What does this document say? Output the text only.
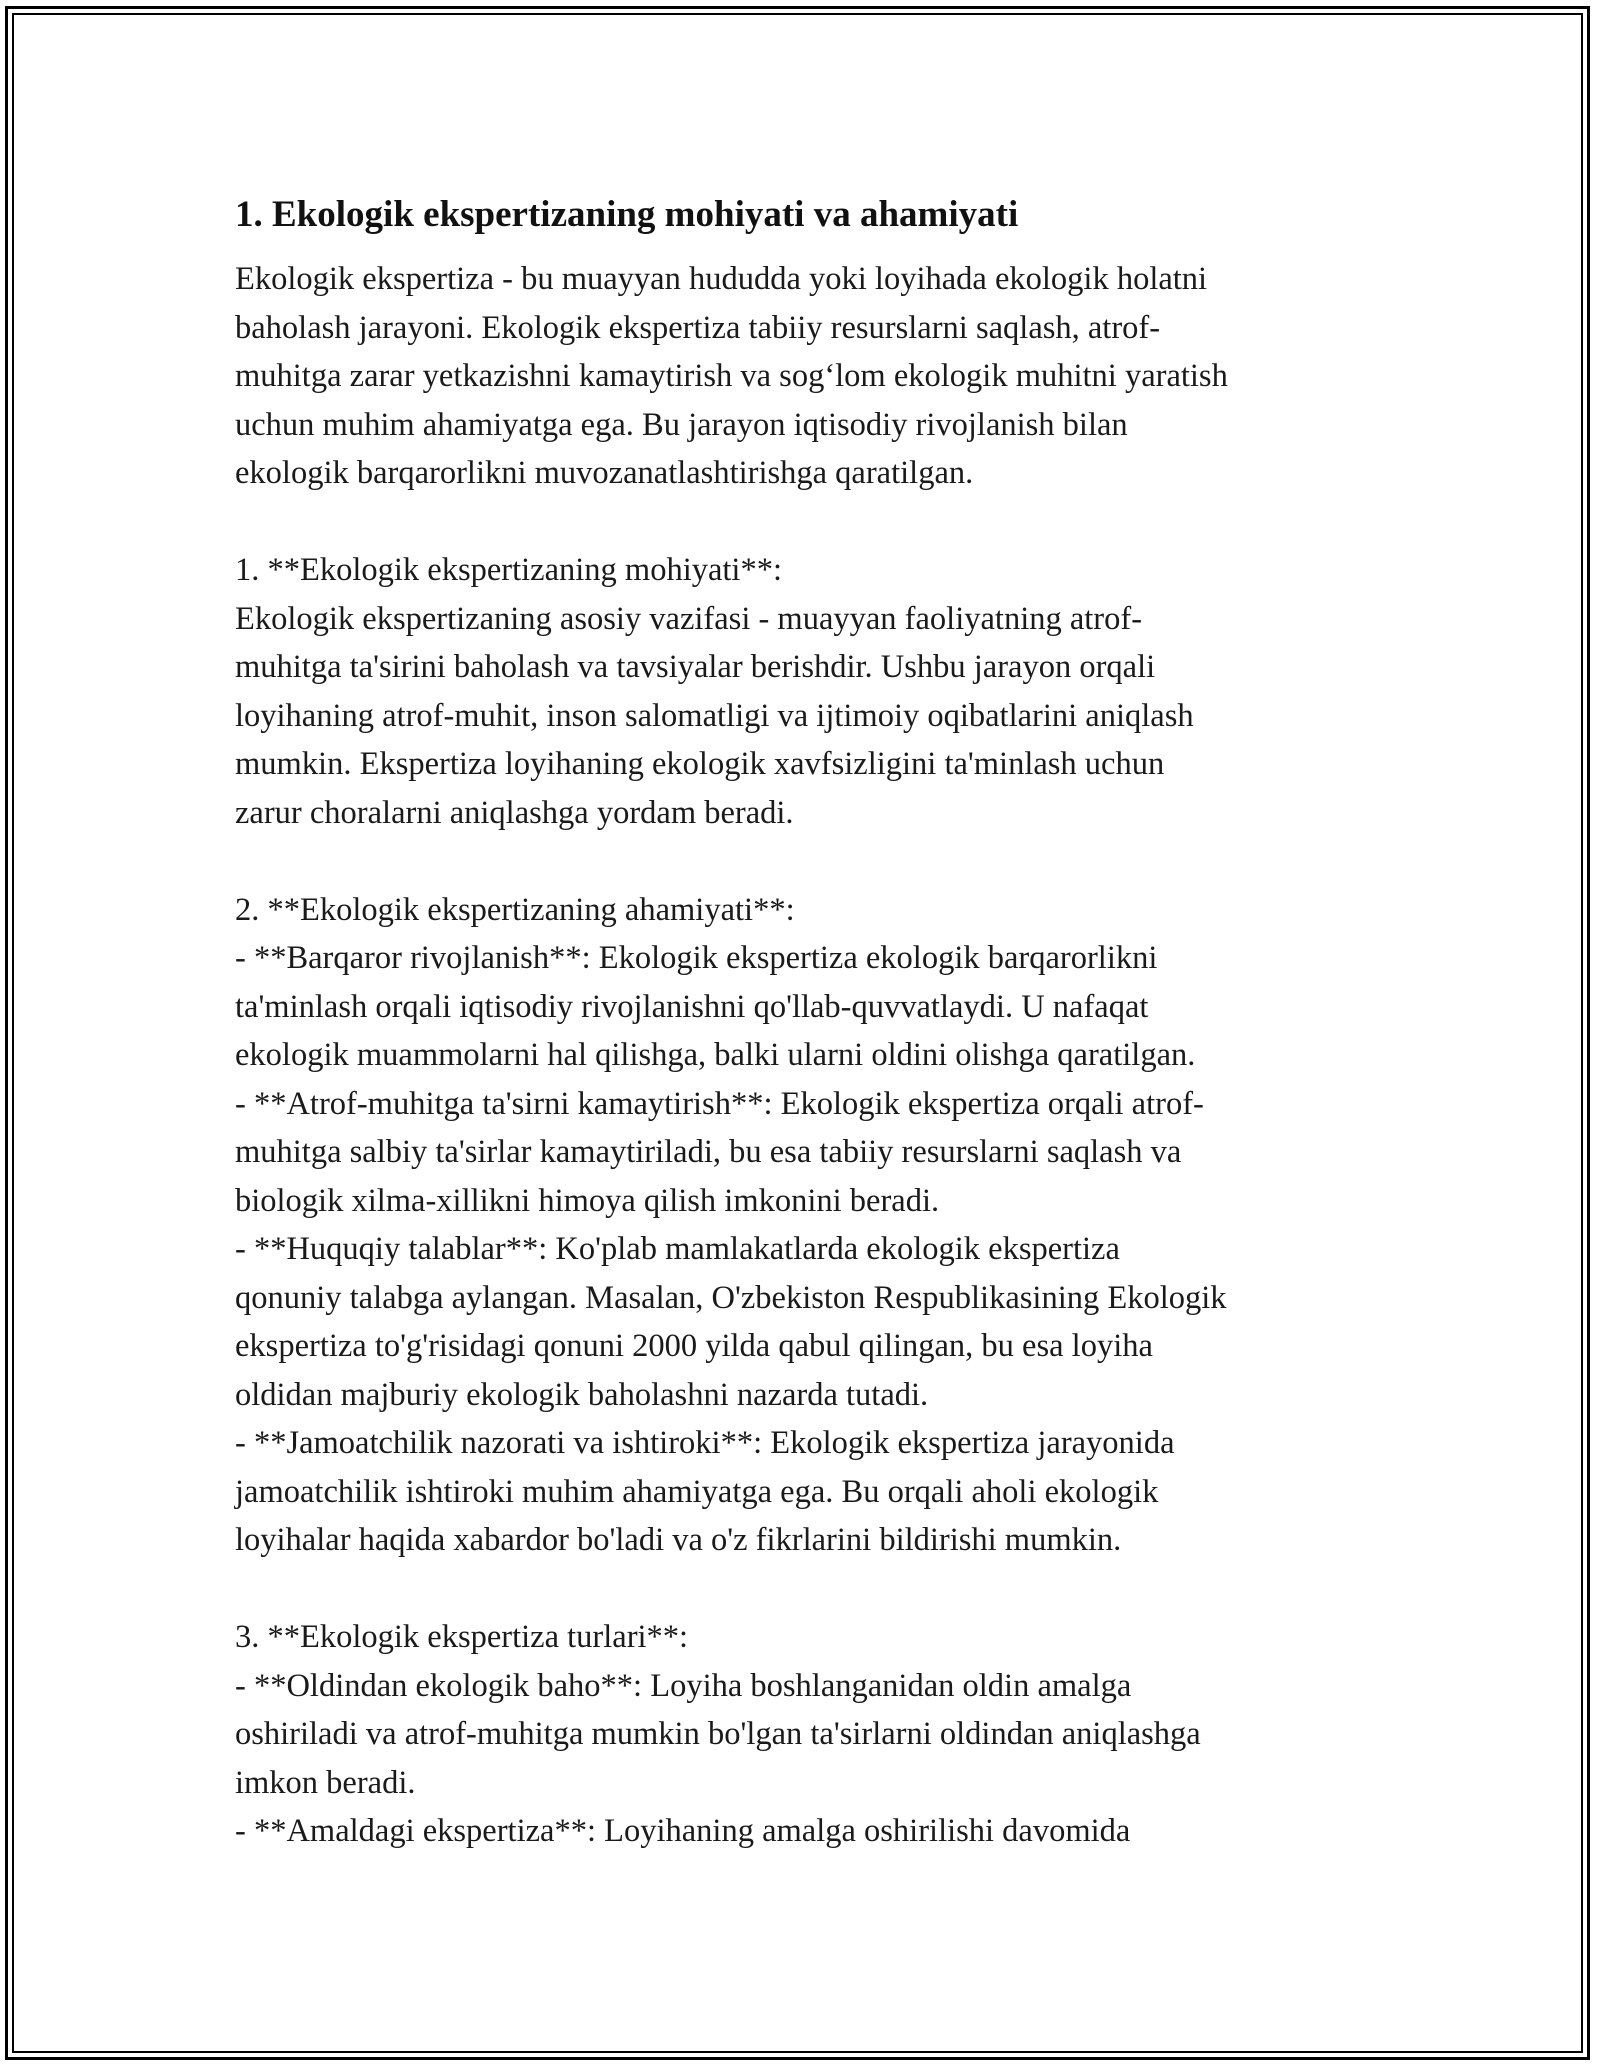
1. Ekologik ekspertizaning mohiyati va ahamiyati

Ekologik ekspertiza - bu muayyan hududda yoki loyihada ekologik holatni
baholash jarayoni. Ekologik ekspertiza tabiiy resurslarni saqlash, atrof-
muhitga zarar yetkazishni kamaytirish va sog‘lom ekologik muhitni yaratish
uchun muhim ahamiyatga ega. Bu jarayon iqtisodiy rivojlanish bilan
ekologik barqarorlikni muvozanatlashtirishga qaratilgan.

1. **Ekologik ekspertizaning mohiyati**:
Ekologik ekspertizaning asosiy vazifasi - muayyan faoliyatning atrof-
muhitga ta'sirini baholash va tavsiyalar berishdir. Ushbu jarayon orqali
loyihaning atrof-muhit, inson salomatligi va ijtimoiy oqibatlarini aniqlash
mumkin. Ekspertiza loyihaning ekologik xavfsizligini ta'minlash uchun
zarur choralarni aniqlashga yordam beradi.

2. **Ekologik ekspertizaning ahamiyati**:
- **Barqaror rivojlanish**: Ekologik ekspertiza ekologik barqarorlikni
ta'minlash orqali iqtisodiy rivojlanishni qo'llab-quvvatlaydi. U nafaqat
ekologik muammolarni hal qilishga, balki ularni oldini olishga qaratilgan.
- **Atrof-muhitga ta'sirni kamaytirish**: Ekologik ekspertiza orqali atrof-
muhitga salbiy ta'sirlar kamaytiriladi, bu esa tabiiy resurslarni saqlash va
biologik xilma-xillikni himoya qilish imkonini beradi.
- **Huquqiy talablar**: Ko'plab mamlakatlarda ekologik ekspertiza
qonuniy talabga aylangan. Masalan, O'zbekiston Respublikasining Ekologik
ekspertiza to'g'risidagi qonuni 2000 yilda qabul qilingan, bu esa loyiha
oldidan majburiy ekologik baholashni nazarda tutadi.
- **Jamoatchilik nazorati va ishtiroki**: Ekologik ekspertiza jarayonida
jamoatchilik ishtiroki muhim ahamiyatga ega. Bu orqali aholi ekologik
loyihalar haqida xabardor bo'ladi va o'z fikrlarini bildirishi mumkin.

3. **Ekologik ekspertiza turlari**:
- **Oldindan ekologik baho**: Loyiha boshlanganidan oldin amalga
oshiriladi va atrof-muhitga mumkin bo'lgan ta'sirlarni oldindan aniqlashga
imkon beradi.
- **Amaldagi ekspertiza**: Loyihaning amalga oshirilishi davomida
